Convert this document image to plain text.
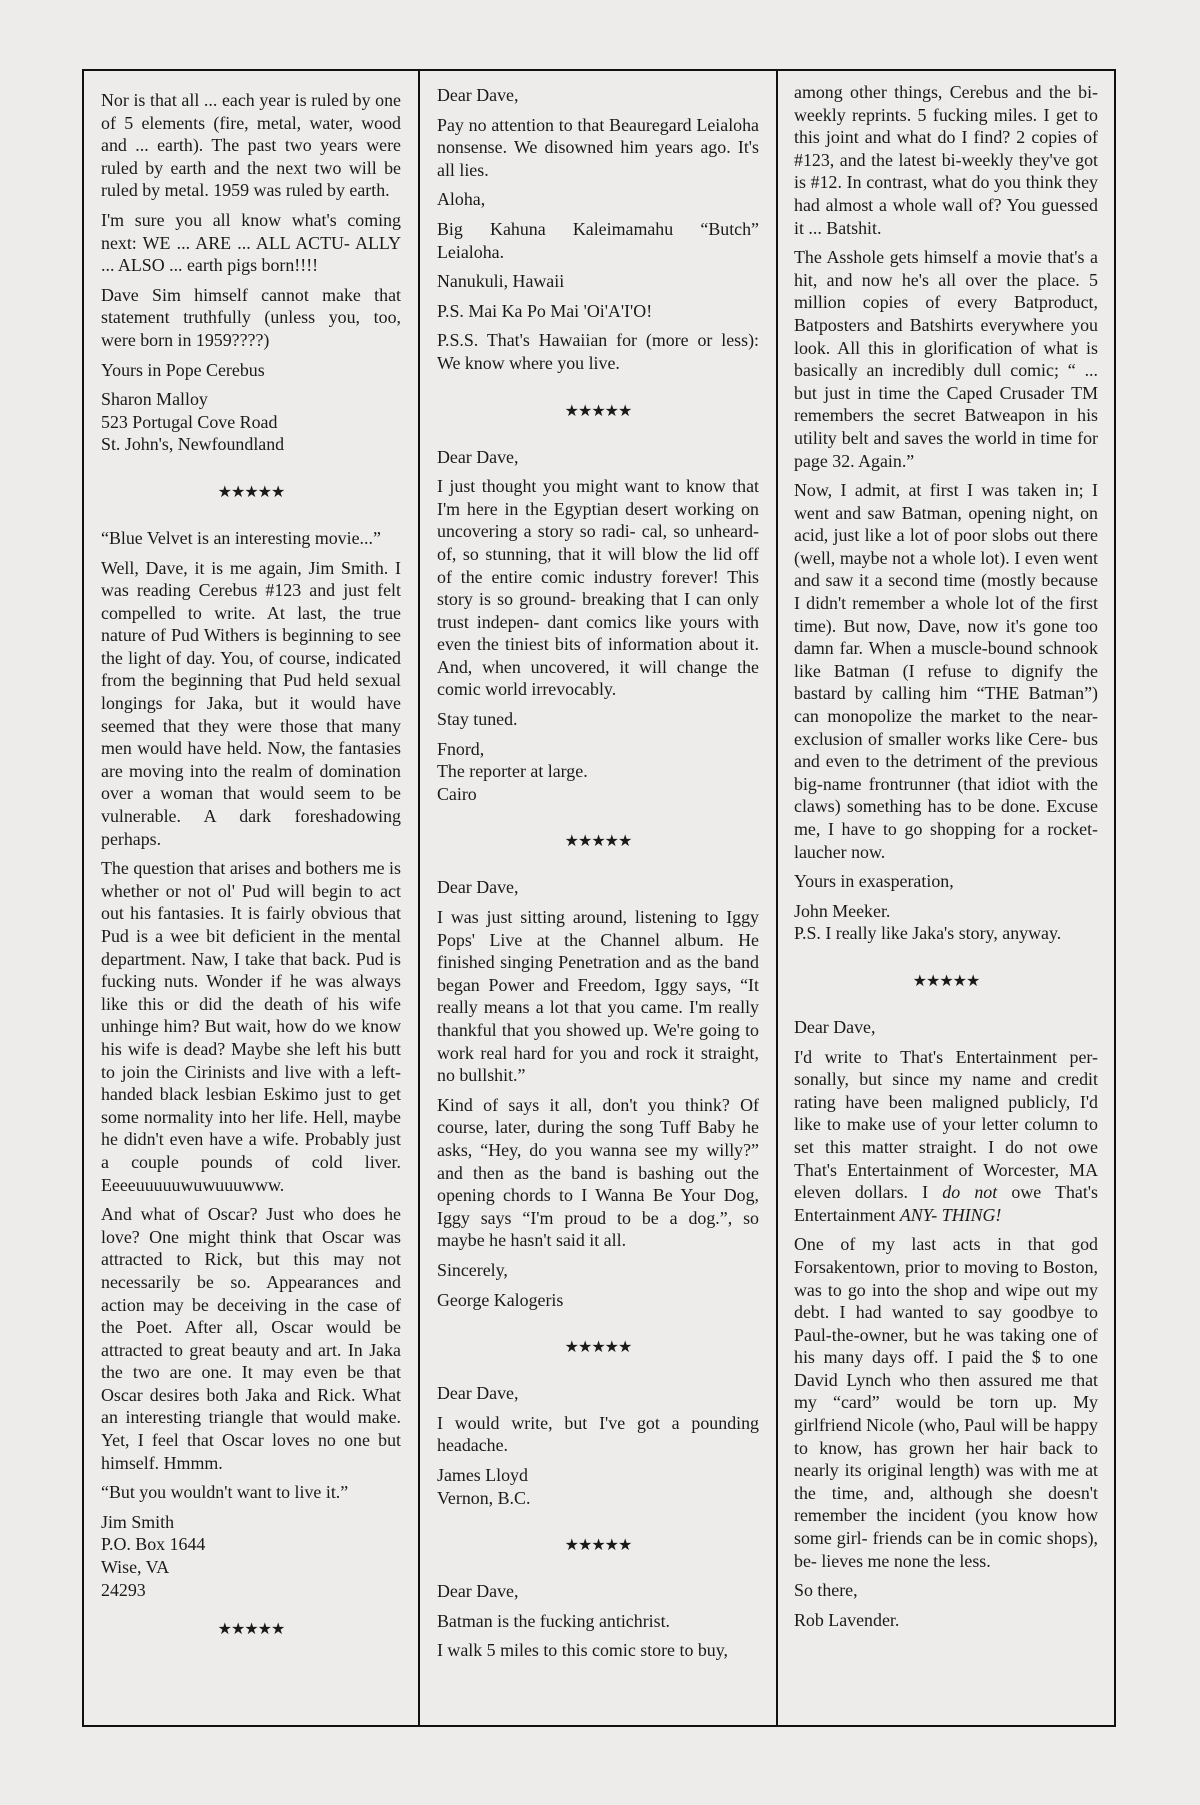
Nor is that all ... each year is ruled by one of 5 elements (fire, metal, water, wood and ... earth). The past two years were ruled by earth and the next two will be ruled by metal. 1959 was ruled by earth.

I'm sure you all know what's coming next: WE ... ARE ... ALL ACTU- ALLY ... ALSO ... earth pigs born!!!!

Dave Sim himself cannot make that statement truthfully (unless you, too, were born in 1959????)

Yours in Pope Cerebus

Sharon Malloy

523 Portugal Cove Road

St. John's, Newfoundland

★★★★★

“Blue Velvet is an interesting movie...”

Well, Dave, it is me again, Jim Smith. I was reading Cerebus #123 and just felt compelled to write. At last, the true nature of Pud Withers is beginning to see the light of day. You, of course, indicated from the beginning that Pud held sexual longings for Jaka, but it would have seemed that they were those that many men would have held. Now, the fantasies are moving into the realm of domination over a woman that would seem to be vulnerable. A dark foreshadowing perhaps.

The question that arises and bothers me is whether or not ol' Pud will begin to act out his fantasies. It is fairly obvious that Pud is a wee bit deficient in the mental department. Naw, I take that back. Pud is fucking nuts. Wonder if he was always like this or did the death of his wife unhinge him? But wait, how do we know his wife is dead? Maybe she left his butt to join the Cirinists and live with a left-handed black lesbian Eskimo just to get some normality into her life. Hell, maybe he didn't even have a wife. Probably just a couple pounds of cold liver. Eeeeuuuuuwuwuuuwww.

And what of Oscar? Just who does he love? One might think that Oscar was attracted to Rick, but this may not necessarily be so. Appearances and action may be deceiving in the case of the Poet. After all, Oscar would be attracted to great beauty and art. In Jaka the two are one. It may even be that Oscar desires both Jaka and Rick. What an interesting triangle that would make. Yet, I feel that Oscar loves no one but himself. Hmmm.

“But you wouldn't want to live it.”

Jim Smith

P.O. Box 1644

Wise, VA

24293

★★★★★

Dear Dave,

Pay no attention to that Beauregard Leialoha nonsense. We disowned him years ago. It's all lies.

Aloha,

Big Kahuna Kaleimamahu “Butch” Leialoha.

Nanukuli, Hawaii

P.S. Mai Ka Po Mai 'Oi'A'I'O!

P.S.S. That's Hawaiian for (more or less): We know where you live.

★★★★★

Dear Dave,

I just thought you might want to know that I'm here in the Egyptian desert working on uncovering a story so radi- cal, so unheard-of, so stunning, that it will blow the lid off of the entire comic industry forever! This story is so ground- breaking that I can only trust indepen- dant comics like yours with even the tiniest bits of information about it. And, when uncovered, it will change the comic world irrevocably.

Stay tuned.

Fnord,

The reporter at large.

Cairo

★★★★★

Dear Dave,

I was just sitting around, listening to Iggy Pops' Live at the Channel album. He finished singing Penetration and as the band began Power and Freedom, Iggy says, “It really means a lot that you came. I'm really thankful that you showed up. We're going to work real hard for you and rock it straight, no bullshit.”

Kind of says it all, don't you think? Of course, later, during the song Tuff Baby he asks, “Hey, do you wanna see my willy?” and then as the band is bashing out the opening chords to I Wanna Be Your Dog, Iggy says “I'm proud to be a dog.”, so maybe he hasn't said it all.

Sincerely,

George Kalogeris

★★★★★

Dear Dave,

I would write, but I've got a pounding headache.

James Lloyd

Vernon, B.C.

★★★★★

Dear Dave,

Batman is the fucking antichrist.

I walk 5 miles to this comic store to buy,

among other things, Cerebus and the bi-weekly reprints. 5 fucking miles. I get to this joint and what do I find? 2 copies of #123, and the latest bi-weekly they've got is #12. In contrast, what do you think they had almost a whole wall of? You guessed it ... Batshit.

The Asshole gets himself a movie that's a hit, and now he's all over the place. 5 million copies of every Batproduct, Batposters and Batshirts everywhere you look. All this in glorification of what is basically an incredibly dull comic; “ ... but just in time the Caped Crusader TM remembers the secret Batweapon in his utility belt and saves the world in time for page 32. Again.”

Now, I admit, at first I was taken in; I went and saw Batman, opening night, on acid, just like a lot of poor slobs out there (well, maybe not a whole lot). I even went and saw it a second time (mostly because I didn't remember a whole lot of the first time). But now, Dave, now it's gone too damn far. When a muscle-bound schnook like Batman (I refuse to dignify the bastard by calling him “THE Batman”) can monopolize the market to the near- exclusion of smaller works like Cere- bus and even to the detriment of the previous big-name frontrunner (that idiot with the claws) something has to be done. Excuse me, I have to go shopping for a rocket-laucher now.

Yours in exasperation,

John Meeker.

P.S. I really like Jaka's story, anyway.

★★★★★

Dear Dave,

I'd write to That's Entertainment per- sonally, but since my name and credit rating have been maligned publicly, I'd like to make use of your letter column to set this matter straight. I do not owe That's Entertainment of Worcester, MA eleven dollars. I do not owe That's Entertainment ANY- THING!

One of my last acts in that god Forsakentown, prior to moving to Boston, was to go into the shop and wipe out my debt. I had wanted to say goodbye to Paul-the-owner, but he was taking one of his many days off. I paid the $ to one David Lynch who then assured me that my “card” would be torn up. My girlfriend Nicole (who, Paul will be happy to know, has grown her hair back to nearly its original length) was with me at the time, and, although she doesn't remember the incident (you know how some girl- friends can be in comic shops), be- lieves me none the less.

So there,

Rob Lavender.
